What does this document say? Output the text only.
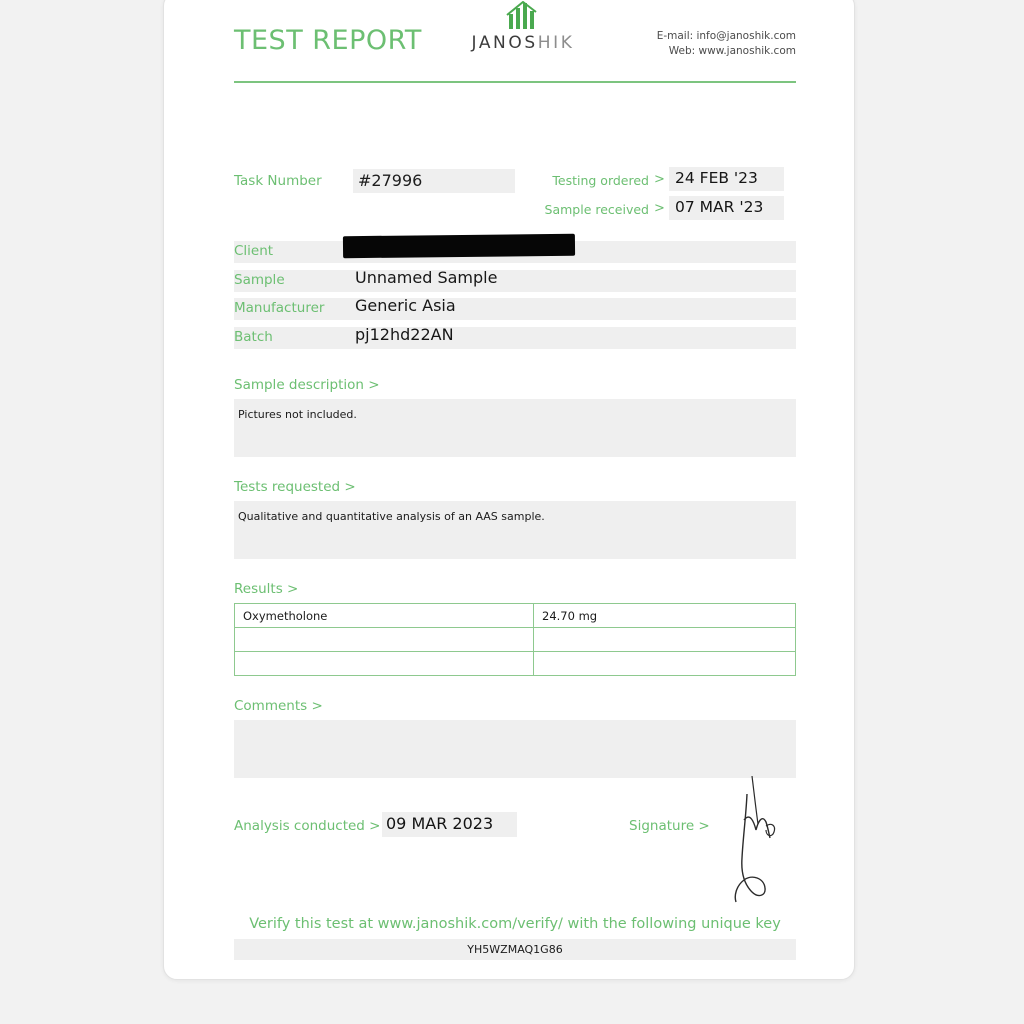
TEST REPORT	JANOSHIK	E-mail: info@janoshik.com
Web: www.janoshik.com
Task Number #27996	Testing ordered > 24 FEB '23
Sample received > 07 MAR '23
Client
Sample	Unnamed Sample
Manufacturer Generic Asia
Batch	pj12hd22AN
Sample description >
Pictures not included.
Tests requested >
Qualitative and quantitative analysis of an AAS sample.
Results >
Oxymetholone	24.70 mg

Comments >
Analysis conducted > 09 MAR 2023	Signature >
Verify this test at www.janoshik.com/verify/ with the following unique key
YH5WZMAQ1G86
